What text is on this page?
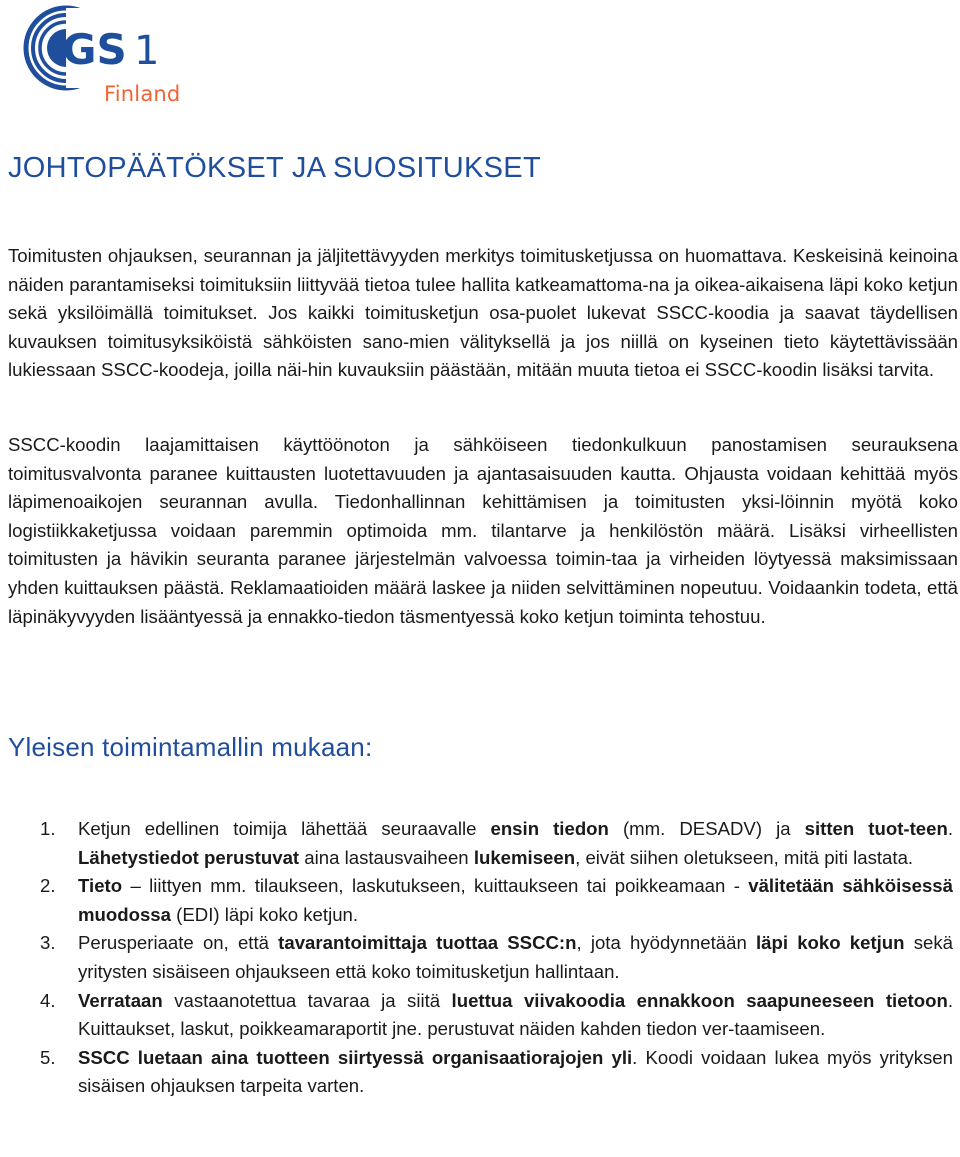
GS 1
Finland
JOHTOPÄÄTÖKSET JA SUOSITUKSET

Toimitusten ohjauksen, seurannan ja jäljitettävyyden merkitys toimitusketjussa on huomattava. Keskeisinä keinoina näiden parantamiseksi toimituksiin liittyvää tietoa tulee hallita katkeamattoma-na ja oikea-aikaisena läpi koko ketjun sekä yksilöimällä toimitukset. Jos kaikki toimitusketjun osa-puolet lukevat SSCC-koodia ja saavat täydellisen kuvauksen toimitusyksiköistä sähköisten sano-mien välityksellä ja jos niillä on kyseinen tieto käytettävissään lukiessaan SSCC-koodeja, joilla näi-hin kuvauksiin päästään, mitään muuta tietoa ei SSCC-koodin lisäksi tarvita.

SSCC-koodin laajamittaisen käyttöönoton ja sähköiseen tiedonkulkuun panostamisen seurauksena toimitusvalvonta paranee kuittausten luotettavuuden ja ajantasaisuuden kautta. Ohjausta voidaan kehittää myös läpimenoaikojen seurannan avulla. Tiedonhallinnan kehittämisen ja toimitusten yksi-löinnin myötä koko logistiikkaketjussa voidaan paremmin optimoida mm. tilantarve ja henkilöstön määrä. Lisäksi virheellisten toimitusten ja hävikin seuranta paranee järjestelmän valvoessa toimin-taa ja virheiden löytyessä maksimissaan yhden kuittauksen päästä. Reklamaatioiden määrä laskee ja niiden selvittäminen nopeutuu. Voidaankin todeta, että läpinäkyvyyden lisääntyessä ja ennakko-tiedon täsmentyessä koko ketjun toiminta tehostuu.

Yleisen toimintamallin mukaan:
1. Ketjun edellinen toimija lähettää seuraavalle ensin tiedon (mm. DESADV) ja sitten tuot-teen. Lähetystiedot perustuvat aina lastausvaiheen lukemiseen, eivät siihen oletukseen, mitä piti lastata.
2. Tieto – liittyen mm. tilaukseen, laskutukseen, kuittaukseen tai poikkeamaan - välitetään sähköisessä muodossa (EDI) läpi koko ketjun.
3. Perusperiaate on, että tavarantoimittaja tuottaa SSCC:n, jota hyödynnetään läpi koko ketjun sekä yritysten sisäiseen ohjaukseen että koko toimitusketjun hallintaan.
4. Verrataan vastaanotettua tavaraa ja siitä luettua viivakoodia ennakkoon saapuneeseen tietoon. Kuittaukset, laskut, poikkeamaraportit jne. perustuvat näiden kahden tiedon ver-taamiseen.
5. SSCC luetaan aina tuotteen siirtyessä organisaatiorajojen yli. Koodi voidaan lukea myös yrityksen sisäisen ohjauksen tarpeita varten.
